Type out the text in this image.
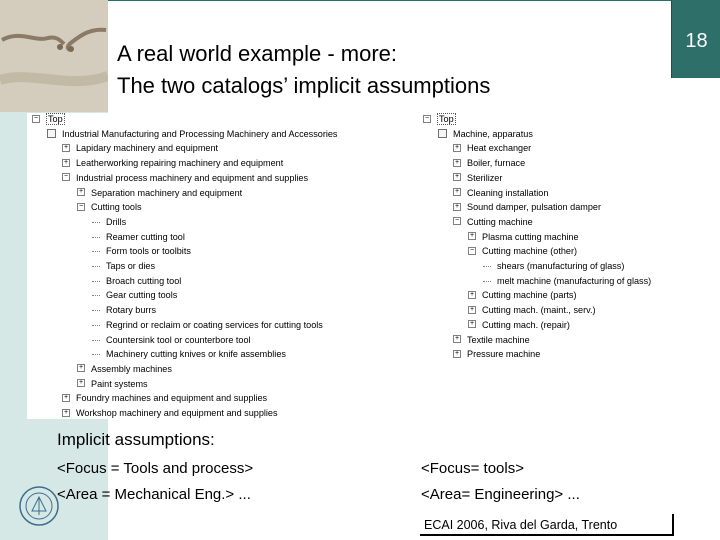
18
A real world example - more:
The two catalogs’ implicit assumptions
− Top
Industrial Manufacturing and Processing Machinery and Accessories
+ Lapidary machinery and equipment
+ Leatherworking repairing machinery and equipment
− Industrial process machinery and equipment and supplies
+ Separation machinery and equipment
− Cutting tools
Drills
Reamer cutting tool
Form tools or toolbits
Taps or dies
Broach cutting tool
Gear cutting tools
Rotary burrs
Regrind or reclaim or coating services for cutting tools
Countersink tool or counterbore tool
Machinery cutting knives or knife assemblies
+ Assembly machines
+ Paint systems
+ Foundry machines and equipment and supplies
+ Workshop machinery and equipment and supplies
− Top
Machine, apparatus
+ Heat exchanger
+ Boiler, furnace
+ Sterilizer
+ Cleaning installation
+ Sound damper, pulsation damper
− Cutting machine
+ Plasma cutting machine
− Cutting machine (other)
shears (manufacturing of glass)
melt machine (manufacturing of glass)
+ Cutting machine (parts)
+ Cutting mach. (maint., serv.)
+ Cutting mach. (repair)
+ Textile machine
+ Pressure machine
Implicit assumptions:
<Focus = Tools and process>
<Area = Mechanical Eng.> ...
<Focus= tools>
<Area= Engineering> ...
ECAI 2006, Riva del Garda, Trento
